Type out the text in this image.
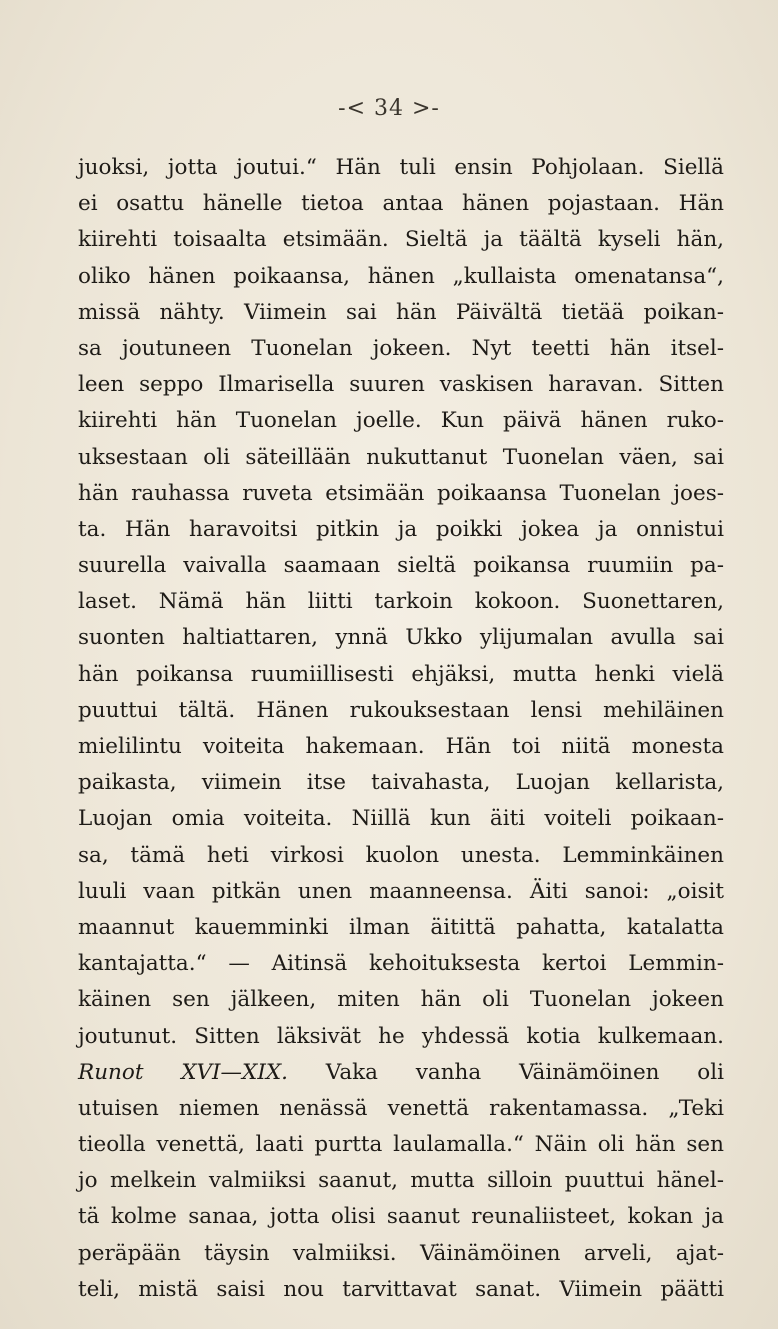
-< 34 >-
juoksi, jotta joutui.“ Hän tuli ensin Pohjolaan. Siellä
ei osattu hänelle tietoa antaa hänen pojastaan. Hän
kiirehti toisaalta etsimään. Sieltä ja täältä kyseli hän,
oliko hänen poikaansa, hänen „kullaista omenatansa“,
missä nähty. Viimein sai hän Päivältä tietää poikan-
sa joutuneen Tuonelan jokeen. Nyt teetti hän itsel-
leen seppo Ilmarisella suuren vaskisen haravan. Sitten
kiirehti hän Tuonelan joelle. Kun päivä hänen ruko-
uksestaan oli säteillään nukuttanut Tuonelan väen, sai
hän rauhassa ruveta etsimään poikaansa Tuonelan joes-
ta. Hän haravoitsi pitkin ja poikki jokea ja onnistui
suurella vaivalla saamaan sieltä poikansa ruumiin pa-
laset. Nämä hän liitti tarkoin kokoon. Suonettaren,
suonten haltiattaren, ynnä Ukko ylijumalan avulla sai
hän poikansa ruumiillisesti ehjäksi, mutta henki vielä
puuttui tältä. Hänen rukouksestaan lensi mehiläinen
mielilintu voiteita hakemaan. Hän toi niitä monesta
paikasta, viimein itse taivahasta, Luojan kellarista,
Luojan omia voiteita. Niillä kun äiti voiteli poikaan-
sa, tämä heti virkosi kuolon unesta. Lemminkäinen
luuli vaan pitkän unen maanneensa. Äiti sanoi: „oisit
maannut kauemminki ilman äitittä pahatta, katalatta
kantajatta.“ — Aitinsä kehoituksesta kertoi Lemmin-
käinen sen jälkeen, miten hän oli Tuonelan jokeen
joutunut. Sitten läksivät he yhdessä kotia kulkemaan.
Runot XVI—XIX. Vaka vanha Väinämöinen oli
utuisen niemen nenässä venettä rakentamassa. „Teki
tieolla venettä, laati purtta laulamalla.“ Näin oli hän sen
jo melkein valmiiksi saanut, mutta silloin puuttui hänel-
tä kolme sanaa, jotta olisi saanut reunaliisteet, kokan ja
peräpään täysin valmiiksi. Väinämöinen arveli, ajat-
teli, mistä saisi nou tarvittavat sanat. Viimein päätti
